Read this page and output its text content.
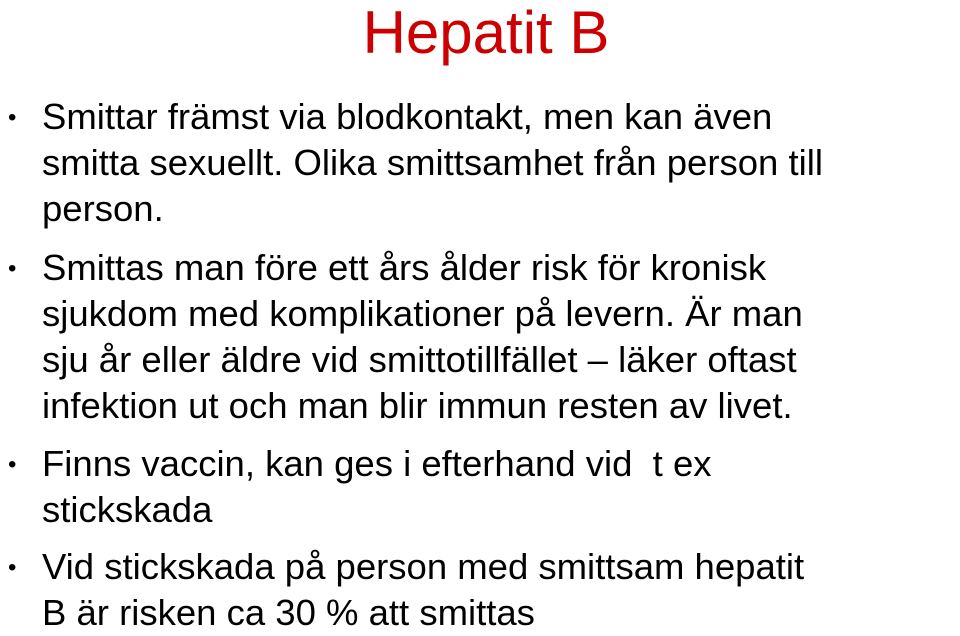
Hepatit B
• Smittar främst via blodkontakt, men kan även
smitta sexuellt. Olika smittsamhet från person till
person.
• Smittas man före ett års ålder risk för kronisk
sjukdom med komplikationer på levern. Är man
sju år eller äldre vid smittotillfället – läker oftast
infektion ut och man blir immun resten av livet.
• Finns vaccin, kan ges i efterhand vid  t ex
stickskada
• Vid stickskada på person med smittsam hepatit
B är risken ca 30 % att smittas
